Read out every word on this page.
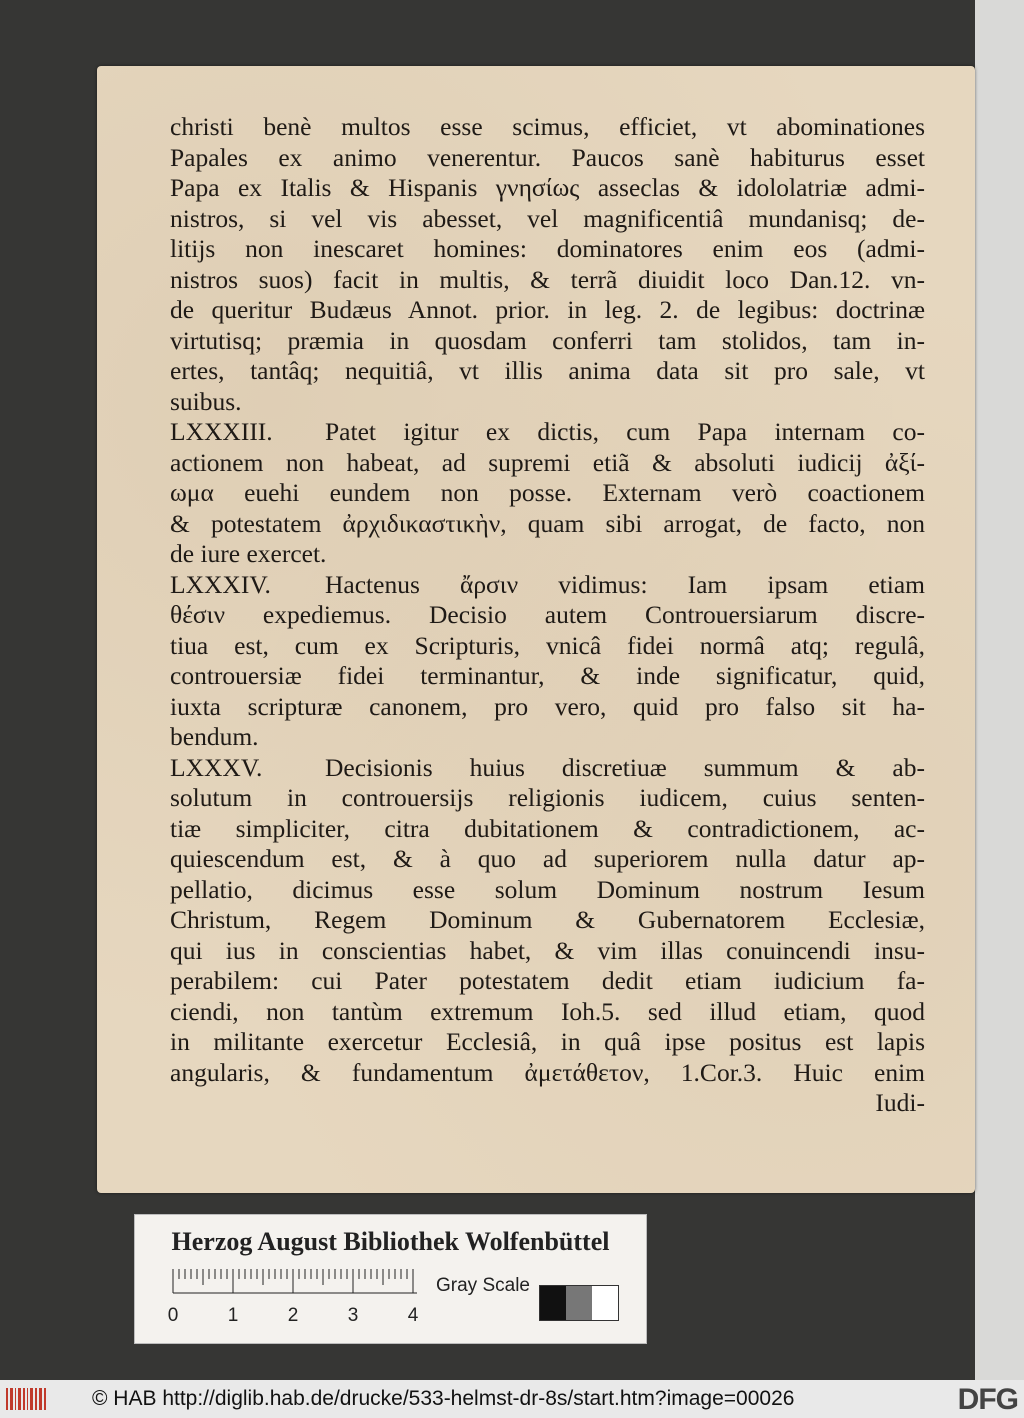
christi benè multos esse scimus, efficiet, vt abominationes
Papales ex animo venerentur. Paucos sanè habiturus esset
Papa ex Italis & Hispanis γνησίως asseclas & idololatriæ admi-
nistros, si vel vis abesset, vel magnificentiâ mundanisq; de-
litijs non inescaret homines: dominatores enim eos (admi-
nistros suos) facit in multis, & terrã diuidit loco Dan.12. vn-
de queritur Budæus Annot. prior. in leg. 2. de legibus: doctrinæ
virtutisq; præmia in quosdam conferri tam stolidos, tam in-
ertes, tantâq; nequitiâ, vt illis anima data sit pro sale, vt
suibus.
LXXXIII. Patet igitur ex dictis, cum Papa internam co-
actionem non habeat, ad supremi etiã & absoluti iudicij ἀξί-
ωμα euehi eundem non posse. Externam verò coactionem
& potestatem ἀρχιδικαστικὴν, quam sibi arrogat, de facto, non
de iure exercet.
LXXXIV. Hactenus ἄρσιν vidimus: Iam ipsam etiam
θέσιν expediemus. Decisio autem Controuersiarum discre-
tiua est, cum ex Scripturis, vnicâ fidei normâ atq; regulâ,
controuersiæ fidei terminantur, & inde significatur, quid,
iuxta scripturæ canonem, pro vero, quid pro falso sit ha-
bendum.
LXXXV. Decisionis huius discretiuæ summum & ab-
solutum in controuersijs religionis iudicem, cuius senten-
tiæ simpliciter, citra dubitationem & contradictionem, ac-
quiescendum est, & à quo ad superiorem nulla datur ap-
pellatio, dicimus esse solum Dominum nostrum Iesum
Christum, Regem Dominum & Gubernatorem Ecclesiæ,
qui ius in conscientias habet, & vim illas conuincendi insu-
perabilem: cui Pater potestatem dedit etiam iudicium fa-
ciendi, non tantùm extremum Ioh.5. sed illud etiam, quod
in militante exercetur Ecclesiâ, in quâ ipse positus est lapis
angularis, & fundamentum ἀμετάθετον, 1.Cor.3. Huic enim
Iudi-
Herzog August Bibliothek Wolfenbüttel
0	1	2	3	4
Gray Scale
© HAB http://diglib.hab.de/drucke/533-helmst-dr-8s/start.htm?image=00026	DFG
